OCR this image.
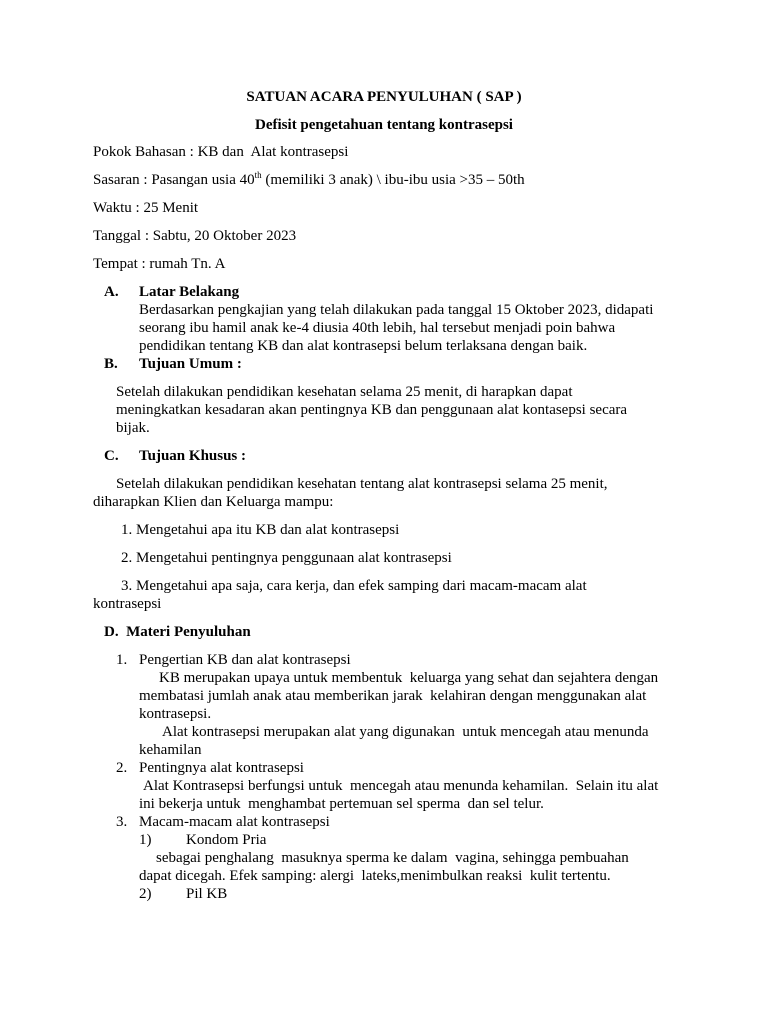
SATUAN ACARA PENYULUHAN ( SAP )
Defisit pengetahuan tentang kontrasepsi
Pokok Bahasan : KB dan  Alat kontrasepsi
Sasaran : Pasangan usia 40th (memiliki 3 anak) \ ibu-ibu usia >35 – 50th
Waktu : 25 Menit
Tanggal : Sabtu, 20 Oktober 2023
Tempat : rumah Tn. A
A. Latar Belakang
Berdasarkan pengkajian yang telah dilakukan pada tanggal 15 Oktober 2023, didapati
seorang ibu hamil anak ke-4 diusia 40th lebih, hal tersebut menjadi poin bahwa
pendidikan tentang KB dan alat kontrasepsi belum terlaksana dengan baik.
B. Tujuan Umum :
Setelah dilakukan pendidikan kesehatan selama 25 menit, di harapkan dapat
meningkatkan kesadaran akan pentingnya KB dan penggunaan alat kontasepsi secara
bijak.
C. Tujuan Khusus :
Setelah dilakukan pendidikan kesehatan tentang alat kontrasepsi selama 25 menit,
diharapkan Klien dan Keluarga mampu:
1. Mengetahui apa itu KB dan alat kontrasepsi
2. Mengetahui pentingnya penggunaan alat kontrasepsi
3. Mengetahui apa saja, cara kerja, dan efek samping dari macam-macam alat
kontrasepsi
D.  Materi Penyuluhan
1. Pengertian KB dan alat kontrasepsi
KB merupakan upaya untuk membentuk  keluarga yang sehat dan sejahtera dengan
membatasi jumlah anak atau memberikan jarak  kelahiran dengan menggunakan alat
kontrasepsi.
Alat kontrasepsi merupakan alat yang digunakan  untuk mencegah atau menunda
kehamilan
2. Pentingnya alat kontrasepsi
Alat Kontrasepsi berfungsi untuk  mencegah atau menunda kehamilan.  Selain itu alat
ini bekerja untuk  menghambat pertemuan sel sperma  dan sel telur.
3. Macam-macam alat kontrasepsi
1) Kondom Pria
sebagai penghalang  masuknya sperma ke dalam  vagina, sehingga pembuahan
dapat dicegah. Efek samping: alergi  lateks,menimbulkan reaksi  kulit tertentu.
2) Pil KB
